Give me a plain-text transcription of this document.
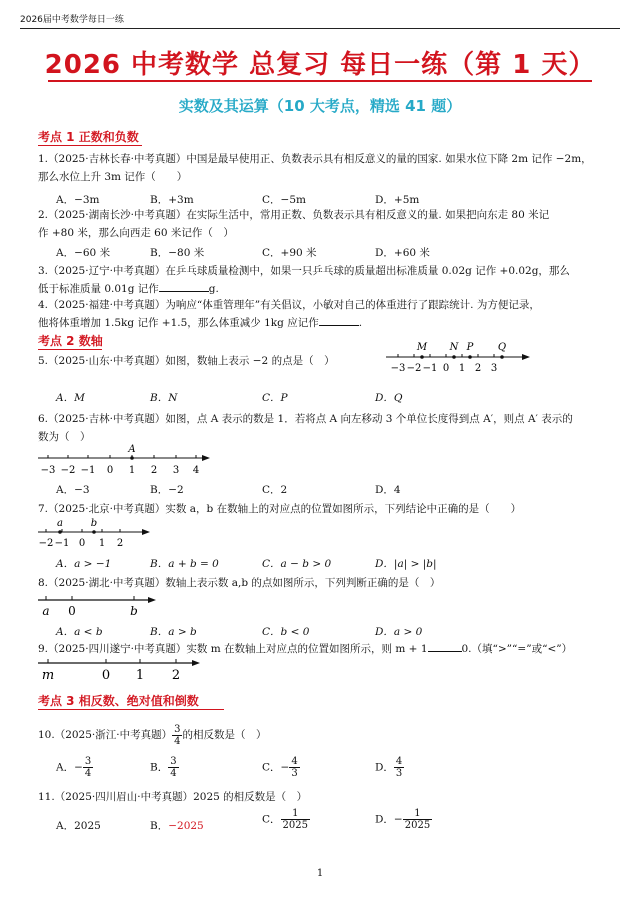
2026届中考数学每日一练
2026 中考数学 总复习 每日一练（第 1 天）
实数及其运算（10 大考点，精选 41 题）
考点 1 正数和负数
1.（2025·吉林长春·中考真题）中国是最早使用正、负数表示具有相反意义的量的国家. 如果水位下降 2m 记作 −2m，
那么水位上升 3m 记作（　　）
A．−3m	B．+3m	C．−5m	D．+5m
2.（2025·湖南长沙·中考真题）在实际生活中，常用正数、负数表示具有相反意义的量. 如果把向东走 80 米记
作 +80 米，那么向西走 60 米记作（　）
A．−60 米	B．−80 米	C．+90 米	D．+60 米
3.（2025·辽宁·中考真题）在乒乓球质量检测中，如果一只乒乓球的质量超出标准质量 0.02g 记作 +0.02g，那么
低于标准质量 0.01g 记作	g.
4.（2025·福建·中考真题）为响应“体重管理年”有关倡议，小敏对自己的体重进行了跟踪统计. 为方便记录，
他将体重增加 1.5kg 记作 +1.5，那么体重减少 1kg 应记作	.
考点 2 数轴
5.（2025·山东·中考真题）如图，数轴上表示 −2 的点是（　）
−3 −2 −1 0 1 2 3
M N P Q
A．M	B．N	C．P	D．Q
6.（2025·吉林·中考真题）如图，点 A 表示的数是 1．若将点 A 向左移动 3 个单位长度得到点 A′，则点 A′ 表示的
数为（　）
−3 −2 −1 0 1 2 3 4
A
A．−3	B．−2	C．2	D．4
7.（2025·北京·中考真题）实数 a，b 在数轴上的对应点的位置如图所示，下列结论中正确的是（　　）
−2 −1 0 1 2
a	b
A．a > −1	B．a + b = 0	C．a − b > 0	D．|a| > |b|
8.（2025·湖北·中考真题）数轴上表示数 a,b 的点如图所示，下列判断正确的是（　）
a 0	b
A．a < b	B．a > b	C．b < 0	D．a > 0
9.（2025·四川遂宁·中考真题）实数 m 在数轴上对应点的位置如图所示，则 m + 1	0.（填“>”“=”或“<”）
m	0 1 2
考点 3 相反数、绝对值和倒数
10.（2025·浙江·中考真题） $\frac{3}{4}$ 的相反数是（　）
A．− $\frac{3}{4}$	B． $\frac{3}{4}$	C．− $\frac{4}{3}$	D． $\frac{4}{3}$
11.（2025·四川眉山·中考真题）2025 的相反数是（　）
A．2025	B．−2025
C． $\frac{1}{2025}$	D．− $\frac{1}{2025}$
1
